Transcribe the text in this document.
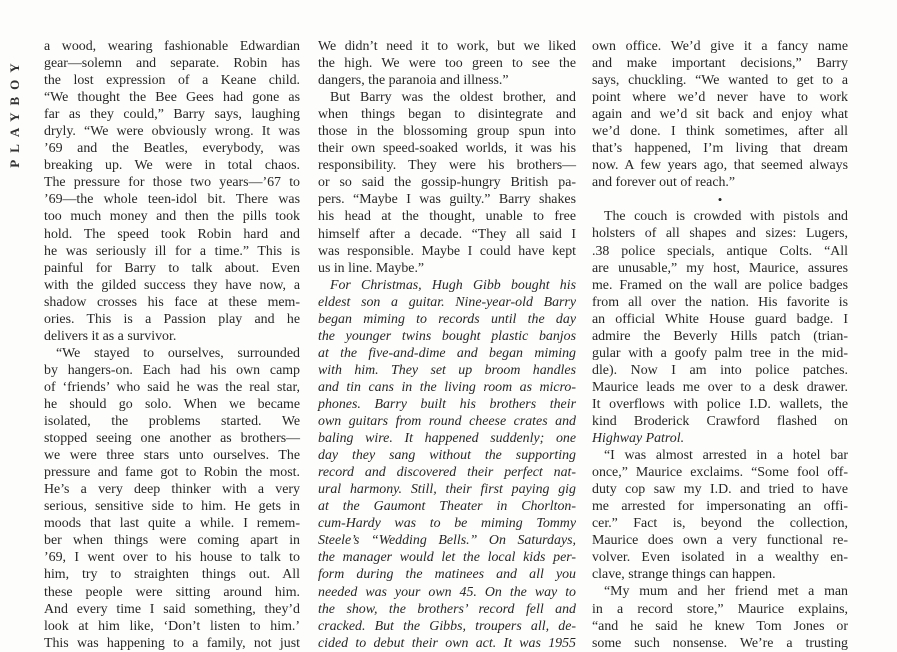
PLAYBOY

a wood, wearing fashionable Edwardian
gear—solemn and separate. Robin has
the lost expression of a Keane child.
“We thought the Bee Gees had gone as
far as they could,” Barry says, laughing
dryly. “We were obviously wrong. It was
’69 and the Beatles, everybody, was
breaking up. We were in total chaos.
The pressure for those two years—’67 to
’69—the whole teen-idol bit. There was
too much money and then the pills took
hold. The speed took Robin hard and
he was seriously ill for a time.” This is
painful for Barry to talk about. Even
with the gilded success they have now, a
shadow crosses his face at these mem-
ories. This is a Passion play and he
delivers it as a survivor.

“We stayed to ourselves, surrounded
by hangers-on. Each had his own camp
of ‘friends’ who said he was the real star,
he should go solo. When we became
isolated, the problems started. We
stopped seeing one another as brothers—
we were three stars unto ourselves. The
pressure and fame got to Robin the most.
He’s a very deep thinker with a very
serious, sensitive side to him. He gets in
moods that last quite a while. I remem-
ber when things were coming apart in
’69, I went over to his house to talk to
him, try to straighten things out. All
these people were sitting around him.
And every time I said something, they’d
look at him like, ‘Don’t listen to him.’
This was happening to a family, not just

We didn’t need it to work, but we liked
the high. We were too green to see the
dangers, the paranoia and illness.”

But Barry was the oldest brother, and
when things began to disintegrate and
those in the blossoming group spun into
their own speed-soaked worlds, it was his
responsibility. They were his brothers—
or so said the gossip-hungry British pa-
pers. “Maybe I was guilty.” Barry shakes
his head at the thought, unable to free
himself after a decade. “They all said I
was responsible. Maybe I could have kept
us in line. Maybe.”

For Christmas, Hugh Gibb bought his
eldest son a guitar. Nine-year-old Barry
began miming to records until the day
the younger twins bought plastic banjos
at the five-and-dime and began miming
with him. They set up broom handles
and tin cans in the living room as micro-
phones. Barry built his brothers their
own guitars from round cheese crates and
baling wire. It happened suddenly; one
day they sang without the supporting
record and discovered their perfect nat-
ural harmony. Still, their first paying gig
at the Gaumont Theater in Chorlton-
cum-Hardy was to be miming Tommy
Steele’s “Wedding Bells.” On Saturdays,
the manager would let the local kids per-
form during the matinees and all you
needed was your own 45. On the way to
the show, the brothers’ record fell and
cracked. But the Gibbs, troupers all, de-
cided to debut their own act. It was 1955

own office. We’d give it a fancy name
and make important decisions,” Barry
says, chuckling. “We wanted to get to a
point where we’d never have to work
again and we’d sit back and enjoy what
we’d done. I think sometimes, after all
that’s happened, I’m living that dream
now. A few years ago, that seemed always
and forever out of reach.”

•

The couch is crowded with pistols and
holsters of all shapes and sizes: Lugers,
.38 police specials, antique Colts. “All
are unusable,” my host, Maurice, assures
me. Framed on the wall are police badges
from all over the nation. His favorite is
an official White House guard badge. I
admire the Beverly Hills patch (trian-
gular with a goofy palm tree in the mid-
dle). Now I am into police patches.
Maurice leads me over to a desk drawer.
It overflows with police I.D. wallets, the
kind Broderick Crawford flashed on
Highway Patrol.

“I was almost arrested in a hotel bar
once,” Maurice exclaims. “Some fool off-
duty cop saw my I.D. and tried to have
me arrested for impersonating an offi-
cer.” Fact is, beyond the collection,
Maurice does own a very functional re-
volver. Even isolated in a wealthy en-
clave, strange things can happen.

“My mum and her friend met a man
in a record store,” Maurice explains,
“and he said he knew Tom Jones or
some such nonsense. We’re a trusting
